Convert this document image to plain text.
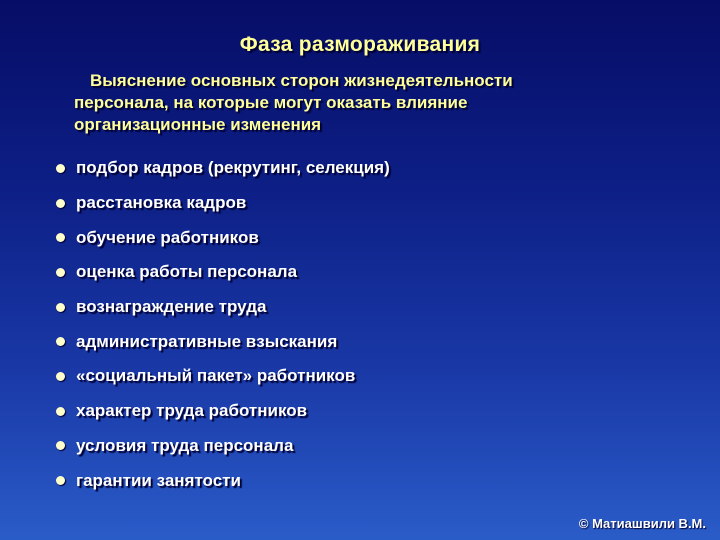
Фаза размораживания
Выяснение основных сторон жизнедеятельности
персонала, на которые могут оказать влияние
организационные изменения
подбор кадров (рекрутинг, селекция)
расстановка кадров
обучение работников
оценка работы персонала
вознаграждение труда
административные взыскания
«социальный пакет» работников
характер труда работников
условия труда персонала
гарантии занятости
© Матиашвили В.М.
